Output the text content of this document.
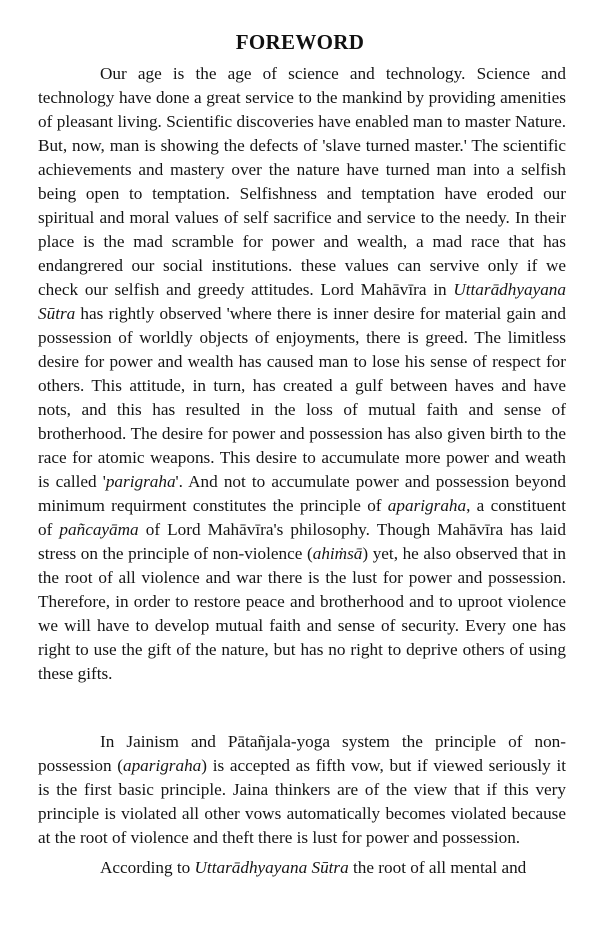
FOREWORD

Our age is the age of science and technology. Science and technology have done a great service to the mankind by providing amenities of pleasant living. Scientific discoveries have enabled man to master Nature. But, now, man is showing the defects of 'slave turned master.' The scientific achievements and mastery over the nature have turned man into a selfish being open to temptation. Selfishness and temptation have eroded our spiritual and moral values of self sacrifice and service to the needy. In their place is the mad scramble for power and wealth, a mad race that has endangrered our social institutions. these values can servive only if we check our selfish and greedy attitudes. Lord Mahāvīra in Uttarādhyayana Sūtra has rightly observed 'where there is inner desire for material gain and possession of worldly objects of enjoyments, there is greed. The limitless desire for power and wealth has caused man to lose his sense of respect for others. This attitude, in turn, has created a gulf between haves and have nots, and this has resulted in the loss of mutual faith and sense of brotherhood. The desire for power and possession has also given birth to the race for atomic weapons. This desire to accumulate more power and weath is called 'parigraha'. And not to accumulate power and possession beyond minimum requirment constitutes the principle of aparigraha, a constituent of pañcayāma of Lord Mahāvīra's philosophy. Though Mahāvīra has laid stress on the principle of non-violence (ahiṁsā) yet, he also observed that in the root of all violence and war there is the lust for power and possession. Therefore, in order to restore peace and brotherhood and to uproot violence we will have to develop mutual faith and sense of security. Every one has right to use the gift of the nature, but has no right to deprive others of using these gifts.

In Jainism and Pātañjala-yoga system the principle of non-possession (aparigraha) is accepted as fifth vow, but if viewed seriously it is the first basic principle. Jaina thinkers are of the view that if this very principle is violated all other vows automatically becomes violated because at the root of violence and theft there is lust for power and possession.

According to Uttarādhyayana Sūtra the root of all mental and
